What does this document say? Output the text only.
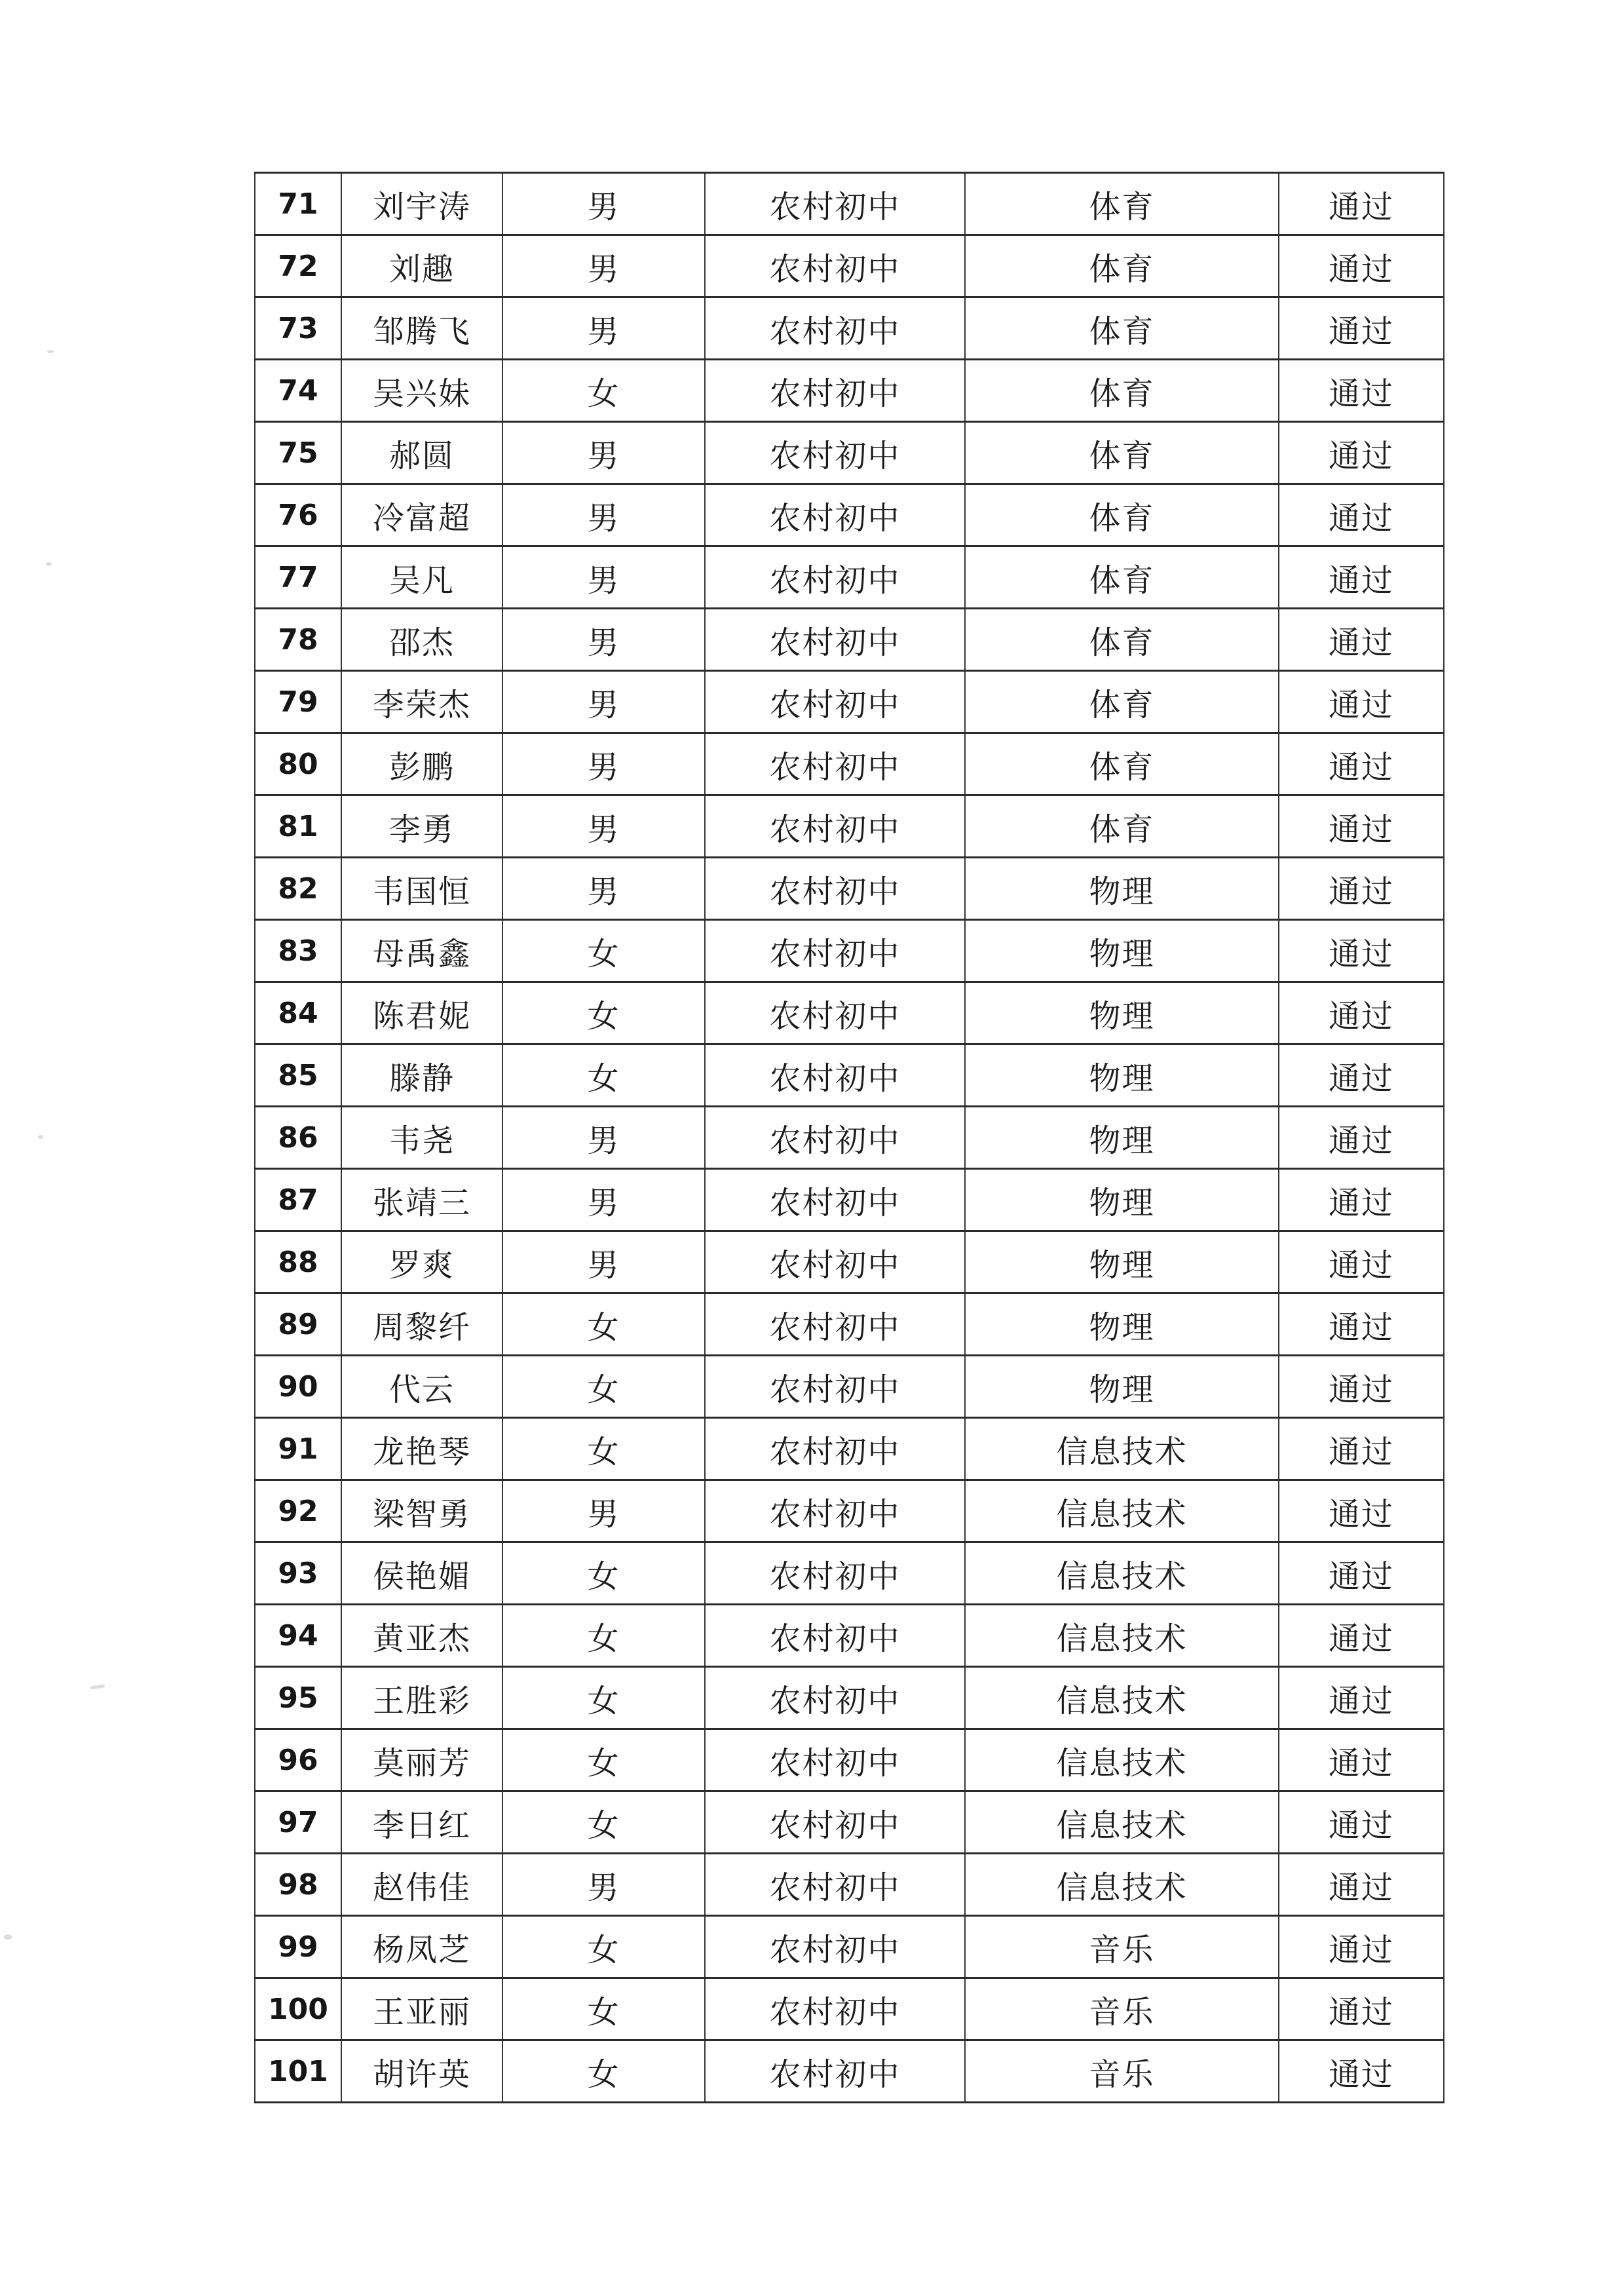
71	刘宇涛	男	农村初中	体育	通过
72	刘趣	男	农村初中	体育	通过
73	邹腾飞	男	农村初中	体育	通过
74	吴兴妹	女	农村初中	体育	通过
75	郝圆	男	农村初中	体育	通过
76	冷富超	男	农村初中	体育	通过
77	吴凡	男	农村初中	体育	通过
78	邵杰	男	农村初中	体育	通过
79	李荣杰	男	农村初中	体育	通过
80	彭鹏	男	农村初中	体育	通过
81	李勇	男	农村初中	体育	通过
82	韦国恒	男	农村初中	物理	通过
83	母禹鑫	女	农村初中	物理	通过
84	陈君妮	女	农村初中	物理	通过
85	滕静	女	农村初中	物理	通过
86	韦尧	男	农村初中	物理	通过
87	张靖三	男	农村初中	物理	通过
88	罗爽	男	农村初中	物理	通过
89	周黎纤	女	农村初中	物理	通过
90	代云	女	农村初中	物理	通过
91	龙艳琴	女	农村初中	信息技术	通过
92	梁智勇	男	农村初中	信息技术	通过
93	侯艳媚	女	农村初中	信息技术	通过
94	黄亚杰	女	农村初中	信息技术	通过
95	王胜彩	女	农村初中	信息技术	通过
96	莫丽芳	女	农村初中	信息技术	通过
97	李日红	女	农村初中	信息技术	通过
98	赵伟佳	男	农村初中	信息技术	通过
99	杨凤芝	女	农村初中	音乐	通过
100	王亚丽	女	农村初中	音乐	通过
101	胡许英	女	农村初中	音乐	通过
